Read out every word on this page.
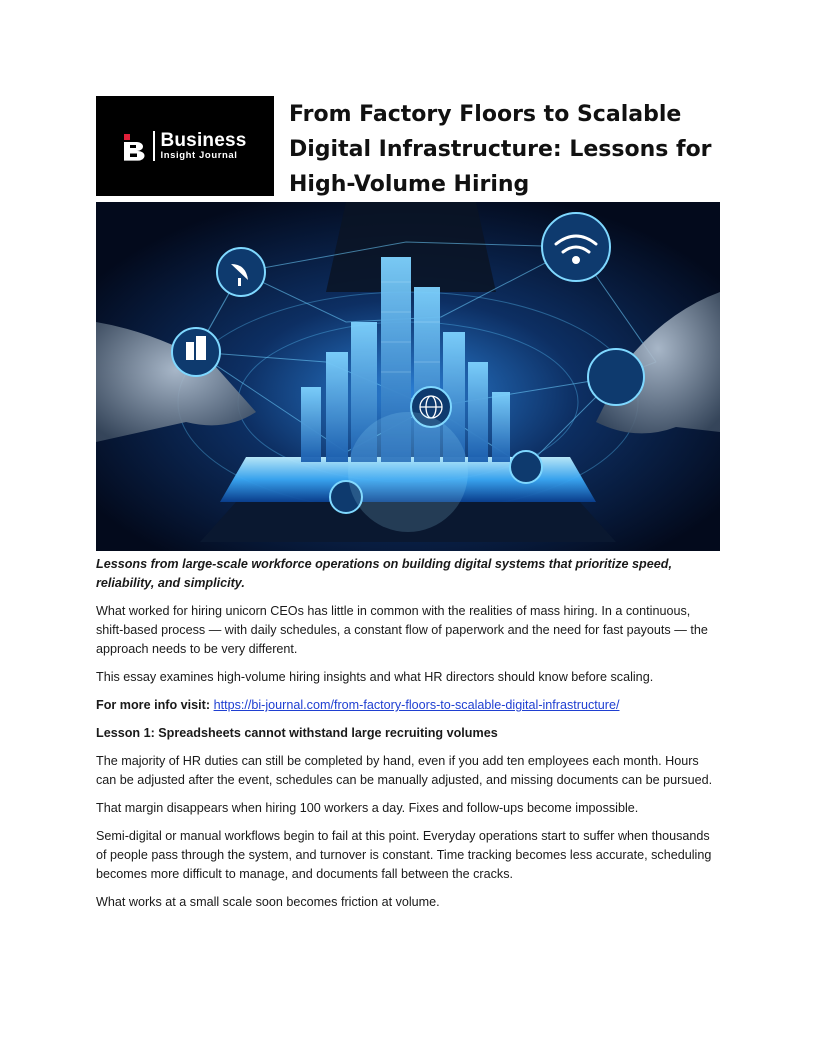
Business
Insight Journal
From Factory Floors to Scalable Digital Infrastructure: Lessons for High-Volume Hiring

Lessons from large-scale workforce operations on building digital systems that prioritize speed, reliability, and simplicity.

What worked for hiring unicorn CEOs has little in common with the realities of mass hiring. In a continuous, shift-based process — with daily schedules, a constant flow of paperwork and the need for fast payouts — the approach needs to be very different.

This essay examines high-volume hiring insights and what HR directors should know before scaling.

For more info visit: https://bi-journal.com/from-factory-floors-to-scalable-digital-infrastructure/

Lesson 1: Spreadsheets cannot withstand large recruiting volumes

The majority of HR duties can still be completed by hand, even if you add ten employees each month. Hours can be adjusted after the event, schedules can be manually adjusted, and missing documents can be pursued.

That margin disappears when hiring 100 workers a day. Fixes and follow-ups become impossible.

Semi-digital or manual workflows begin to fail at this point. Everyday operations start to suffer when thousands of people pass through the system, and turnover is constant. Time tracking becomes less accurate, scheduling becomes more difficult to manage, and documents fall between the cracks.

What works at a small scale soon becomes friction at volume.
